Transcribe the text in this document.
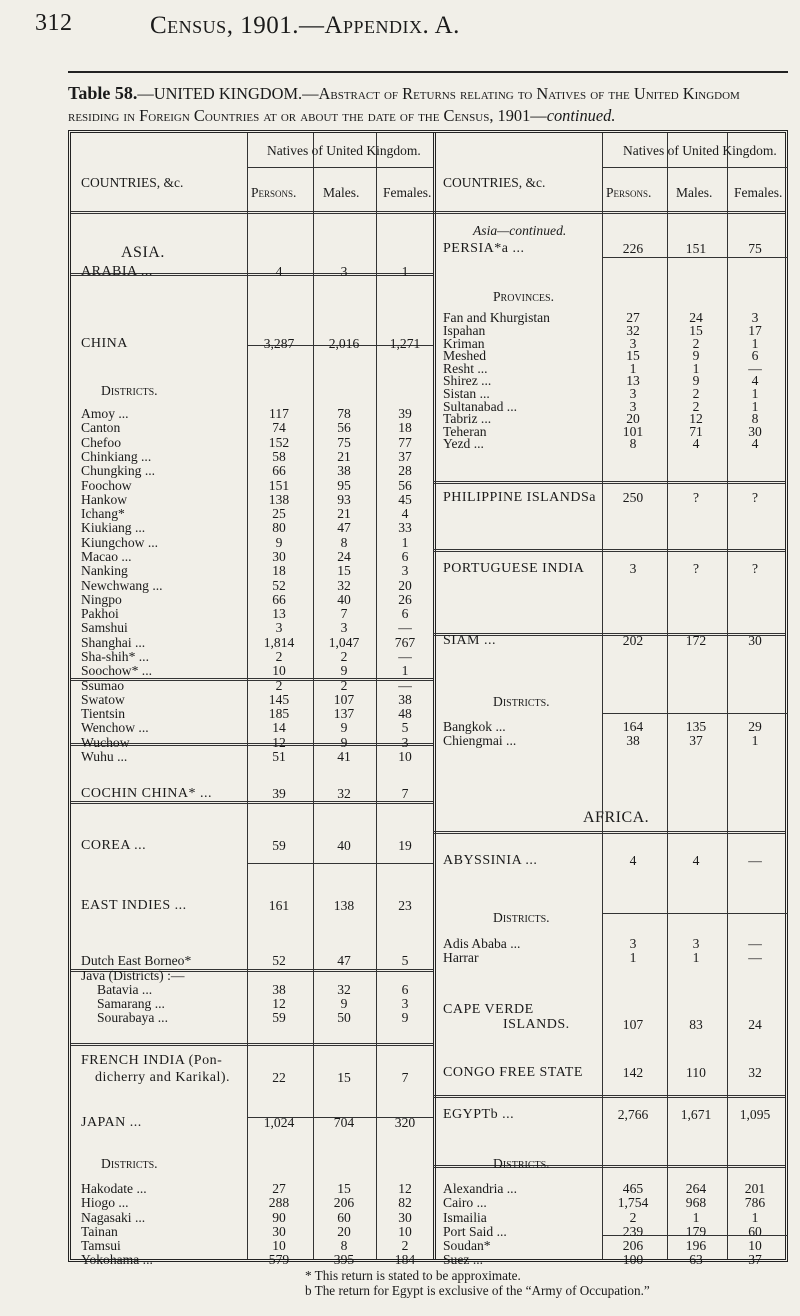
312	Census, 1901.—Appendix. A.
Table 58.—UNITED KINGDOM.—Abstract of Returns relating to Natives of the United Kingdom residing in Foreign Countries at or about the date of the Census, 1901—continued.
Natives of United Kingdom.	Natives of United Kingdom.
COUNTRIES, &c.	COUNTRIES, &c.
Persons. Males. Females.	Persons. Males. Females.
ASIA.
ARABIA ...	4	3	1
CHINA	3,287	2,016	1,271
Districts.
Amoy ...	117	78	39
Canton	74	56	18
Chefoo	152	75	77
Chinkiang ...	58	21	37
Chungking ...	66	38	28
Foochow	151	95	56
Hankow	138	93	45
Ichang*	25	21	4
Kiukiang ...	80	47	33
Kiungchow ...	9	8	1
Macao ...	30	24	6
Nanking	18	15	3
Newchwang ...	52	32	20
Ningpo	66	40	26
Pakhoi	13	7	6
Samshui	3	3	—
Shanghai ...	1,814	1,047	767
Sha-shih* ...	2	2	—
Soochow* ...	10	9	1
Ssumao	2	2	—
Swatow	145	107	38
Tientsin	185	137	48
Wenchow ...	14	9	5
Wuchow	12	9	3
Wuhu ...	51	41	10
COCHIN CHINA* ...	39	32	7
COREA ...	59	40	19
EAST INDIES ...	161	138	23
Dutch East Borneo*	52	47	5
Java (Districts) :—
Batavia ...	38	32	6
Samarang ...	12	9	3
Sourabaya ...	59	50	9
FRENCH INDIA (Pon-
dicherry and Karikal).	22	15	7
JAPAN ...	1,024	704	320
Districts.
Hakodate ...	27	15	12
Hiogo ...	288	206	82
Nagasaki ...	90	60	30
Tainan	30	20	10
Tamsui	10	8	2
Yokohama ...	579	395	184
Asia—continued.
PERSIA*a ...	226	151	75
Provinces.
Fan and Khurgistan	27	24	3
Ispahan	32	15	17
Kriman	3	2	1
Meshed	15	9	6
Resht ...	1	1	—
Shirez ...	13	9	4
Sistan ...	3	2	1
Sultanabad ...	3	2	1
Tabriz ...	20	12	8
Teheran	101	71	30
Yezd ...	8	4	4
PHILIPPINE ISLANDSa	250	?	?
PORTUGUESE INDIA	3	?	?
SIAM ...	202	172	30
Districts.
Bangkok ...	164	135	29
Chiengmai ...	38	37	1
AFRICA.
ABYSSINIA ...	4	4	—
Districts.
Adis Ababa ...	3	3	—
Harrar	1	1	—
CAPE VERDE
ISLANDS.	107	83	24
CONGO FREE STATE	142	110	32
EGYPTb ...	2,766	1,671	1,095
Districts.
Alexandria ...	465	264	201
Cairo ...	1,754	968	786
Ismailia	2	1	1
Port Said ...	239	179	60
Soudan*	206	196	10
Suez ...	100	63	37
* This return is stated to be approximate.
b The return for Egypt is exclusive of the “Army of Occupation.”
